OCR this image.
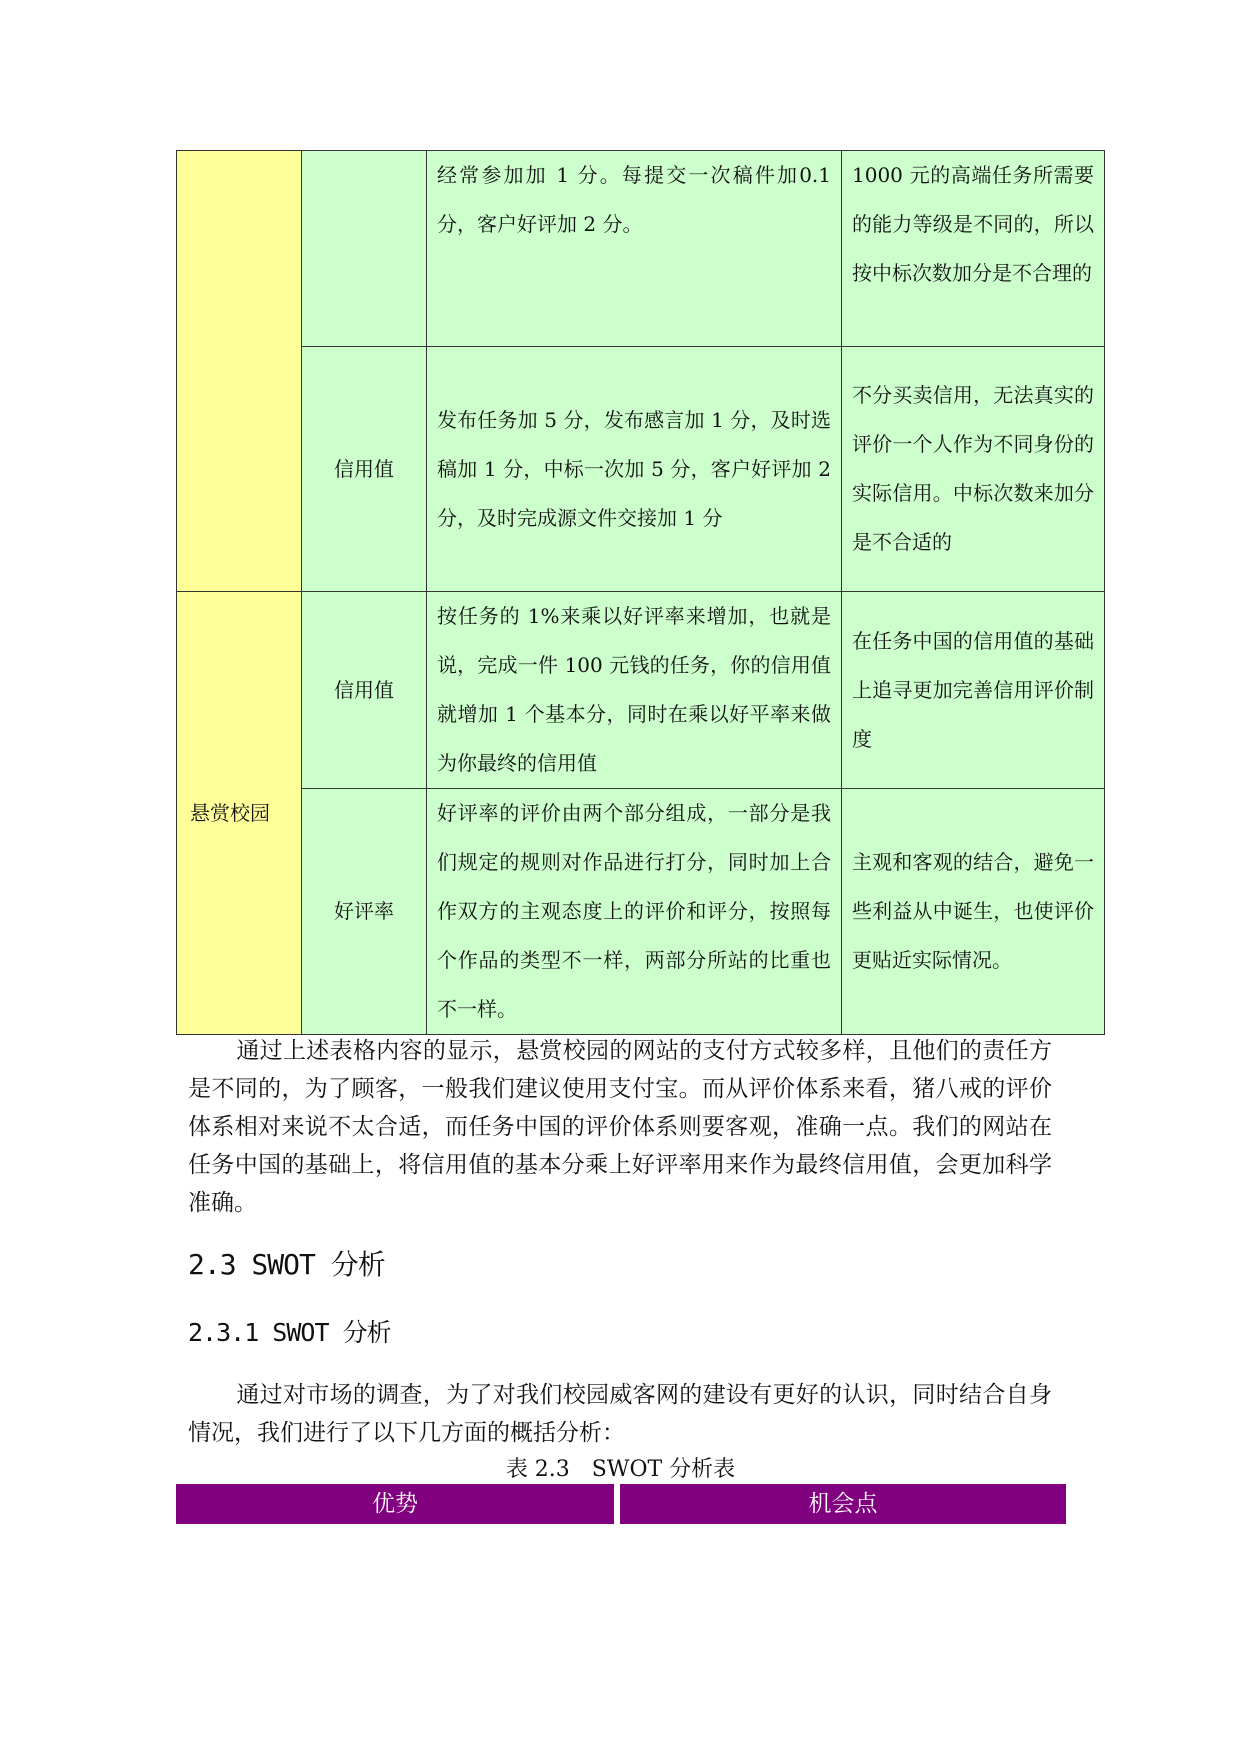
		经常参加加 1 分。每提交一次稿件加0.1 分，客户好评加 2 分。	1000 元的高端任务所需要的能力等级是不同的，所以按中标次数加分是不合理的
	信用值	发布任务加 5 分，发布感言加 1 分，及时选稿加 1 分，中标一次加 5 分，客户好评加 2 分，及时完成源文件交接加 1 分	不分买卖信用，无法真实的评价一个人作为不同身份的实际信用。中标次数来加分是不合适的
悬赏校园	信用值	按任务的 1%来乘以好评率来增加，也就是说，完成一件 100 元钱的任务，你的信用值就增加 1 个基本分，同时在乘以好平率来做为你最终的信用值	在任务中国的信用值的基础上追寻更加完善信用评价制度
	好评率	好评率的评价由两个部分组成，一部分是我们规定的规则对作品进行打分，同时加上合作双方的主观态度上的评价和评分，按照每个作品的类型不一样，两部分所站的比重也不一样。	主观和客观的结合，避免一些利益从中诞生，也使评价更贴近实际情况。

通过上述表格内容的显示，悬赏校园的网站的支付方式较多样，且他们的责任方是不同的，为了顾客，一般我们建议使用支付宝。而从评价体系来看，猪八戒的评价体系相对来说不太合适，而任务中国的评价体系则要客观，准确一点。我们的网站在任务中国的基础上，将信用值的基本分乘上好评率用来作为最终信用值，会更加科学准确。

2.3 SWOT 分析
2.3.1 SWOT 分析

通过对市场的调查，为了对我们校园威客网的建设有更好的认识，同时结合自身情况，我们进行了以下几方面的概括分析：

表 2.3　SWOT 分析表

优势	机会点
